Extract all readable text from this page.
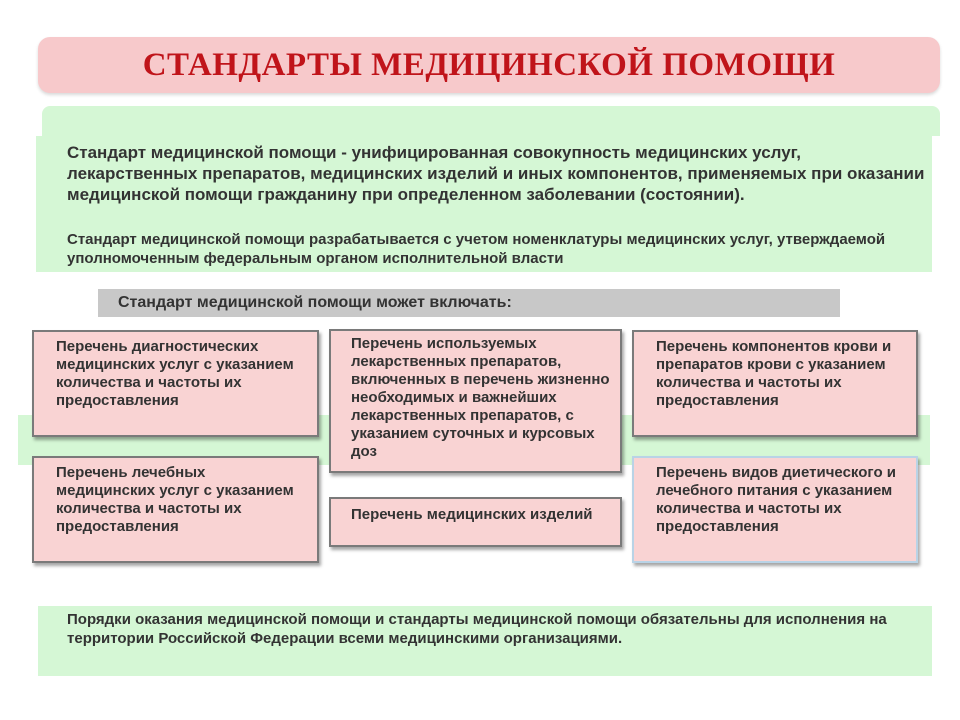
СТАНДАРТЫ МЕДИЦИНСКОЙ ПОМОЩИ
Стандарт медицинской помощи - унифицированная совокупность медицинских услуг, лекарственных препаратов, медицинских изделий и иных компонентов, применяемых при оказании медицинской помощи гражданину при определенном заболевании (состоянии).
Стандарт медицинской помощи разрабатывается с учетом номенклатуры медицинских услуг, утверждаемой уполномоченным федеральным органом исполнительной власти
Стандарт медицинской помощи может включать:
Перечень диагностических медицинских услуг с указанием количества и частоты их предоставления
Перечень лечебных медицинских услуг с указанием количества и частоты их предоставления
Перечень используемых лекарственных препаратов, включенных в перечень жизненно необходимых и важнейших лекарственных препаратов, с указанием суточных и курсовых доз
Перечень медицинских изделий
Перечень компонентов крови и препаратов крови с указанием количества и частоты их предоставления
Перечень видов диетического и лечебного питания с указанием количества и частоты их предоставления
Порядки оказания медицинской помощи и стандарты медицинской помощи обязательны для исполнения на территории Российской Федерации всеми медицинскими организациями.
